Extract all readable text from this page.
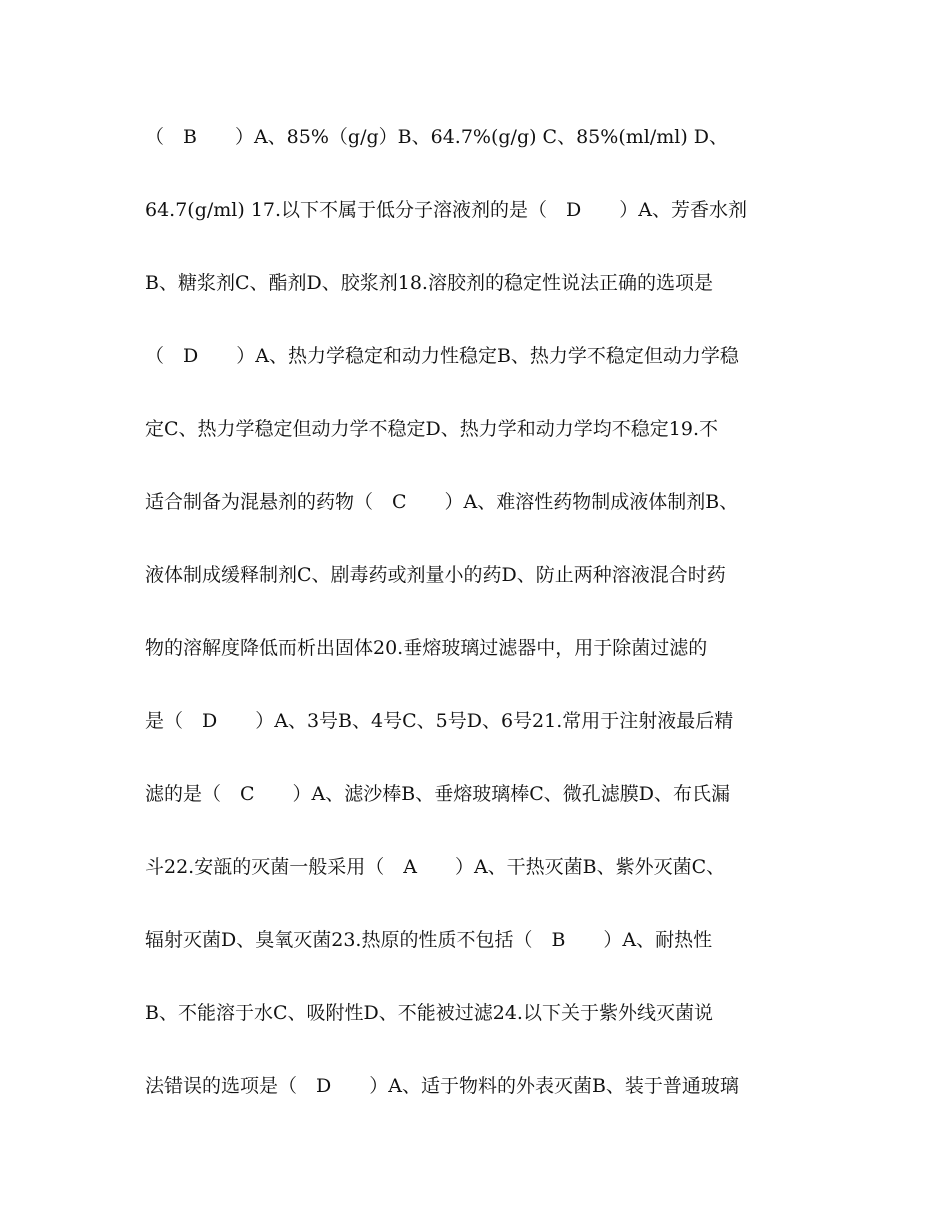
（　B　　）A、85%（g/g）B、64.7%(g/g) C、85%(ml/ml) D、
64.7(g/ml) 17.以下不属于低分子溶液剂的是（　D　　）A、芳香水剂
B、糖浆剂C、酯剂D、胶浆剂18.溶胶剂的稳定性说法正确的选项是
（　D　　）A、热力学稳定和动力性稳定B、热力学不稳定但动力学稳
定C、热力学稳定但动力学不稳定D、热力学和动力学均不稳定19.不
适合制备为混悬剂的药物（　C　　）A、难溶性药物制成液体制剂B、
液体制成缓释制剂C、剧毒药或剂量小的药D、防止两种溶液混合时药
物的溶解度降低而析出固体20.垂熔玻璃过滤器中，用于除菌过滤的
是（　D　　）A、3号B、4号C、5号D、6号21.常用于注射液最后精
滤的是（　C　　）A、滤沙棒B、垂熔玻璃棒C、微孔滤膜D、布氏漏
斗22.安瓿的灭菌一般采用（　A　　）A、干热灭菌B、紫外灭菌C、
辐射灭菌D、臭氧灭菌23.热原的性质不包括（　B　　）A、耐热性
B、不能溶于水C、吸附性D、不能被过滤24.以下关于紫外线灭菌说
法错误的选项是（　D　　）A、适于物料的外表灭菌B、装于普通玻璃
